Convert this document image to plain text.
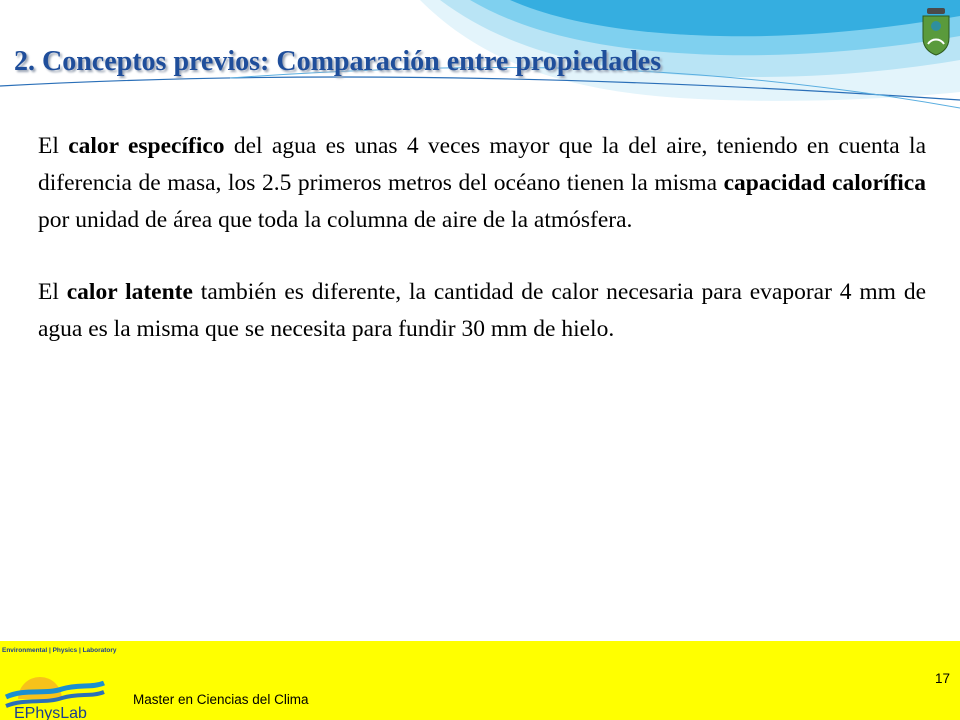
2. Conceptos previos: Comparación entre propiedades

El calor específico del agua es unas 4 veces mayor que la del aire, teniendo en cuenta la diferencia de masa, los 2.5 primeros metros del océano tienen la misma capacidad calorífica por unidad de área que toda la columna de aire de la atmósfera.

El calor latente también es diferente, la cantidad de calor necesaria para evaporar 4 mm de agua es la misma que se necesita para fundir 30 mm de hielo.

Environmental | Physics | Laboratory
EPhysLab
Master en Ciencias del Clima
17
